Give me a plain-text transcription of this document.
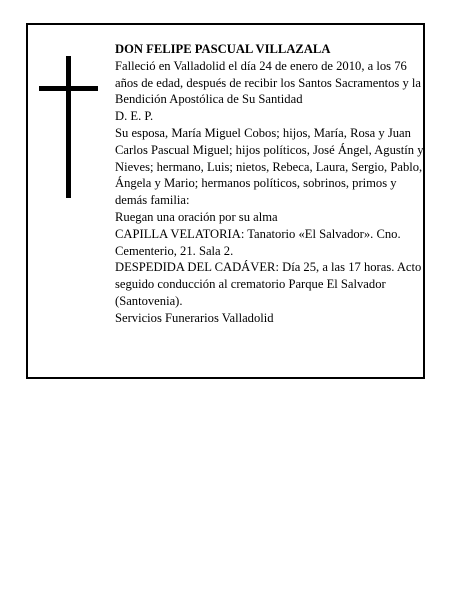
DON FELIPE PASCUAL VILLAZALA

Falleció en Valladolid el día 24 de enero de 2010, a los 76 años de edad, después de recibir los Santos Sacramentos y la Bendición Apostólica de Su Santidad

D. E. P.

Su esposa, María Miguel Cobos; hijos, María, Rosa y Juan Carlos Pascual Miguel; hijos políticos, José Ángel, Agustín y Nieves; hermano, Luis; nietos, Rebeca, Laura, Sergio, Pablo, Ángela y Mario; hermanos políticos, sobrinos, primos y demás familia:

Ruegan una oración por su alma

CAPILLA VELATORIA: Tanatorio «El Salvador». Cno. Cementerio, 21. Sala 2.

DESPEDIDA DEL CADÁVER: Día 25, a las 17 horas. Acto seguido conducción al crematorio Parque El Salvador (Santovenia).

Servicios Funerarios Valladolid
